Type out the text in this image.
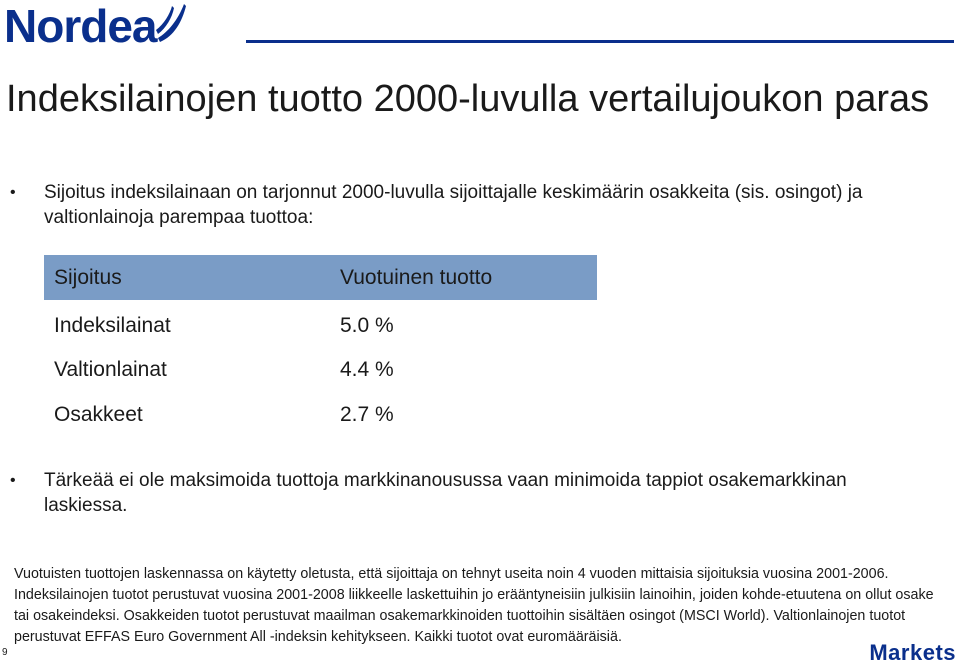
Nordea
Indeksilainojen tuotto 2000-luvulla vertailujoukon paras
•	Sijoitus indeksilainaan on tarjonnut 2000-luvulla sijoittajalle keskimäärin osakkeita (sis. osingot) ja valtionlainoja parempaa tuottoa:
Sijoitus	Vuotuinen tuotto
Indeksilainat	5.0 %
Valtionlainat	4.4 %
Osakkeet	2.7 %
•	Tärkeää ei ole maksimoida tuottoja markkinanousussa vaan minimoida tappiot osakemarkkinan laskiessa.
Vuotuisten tuottojen laskennassa on käytetty oletusta, että sijoittaja on tehnyt useita noin 4 vuoden mittaisia sijoituksia vuosina 2001-2006. Indeksilainojen tuotot perustuvat vuosina 2001-2008 liikkeelle laskettuihin jo erääntyneisiin julkisiin lainoihin, joiden kohde-etuutena on ollut osake tai osakeindeksi. Osakkeiden tuotot perustuvat maailman osakemarkkinoiden tuottoihin sisältäen osingot (MSCI World). Valtionlainojen tuotot perustuvat EFFAS Euro Government All -indeksin kehitykseen. Kaikki tuotot ovat euromääräisiä.
9	Markets
